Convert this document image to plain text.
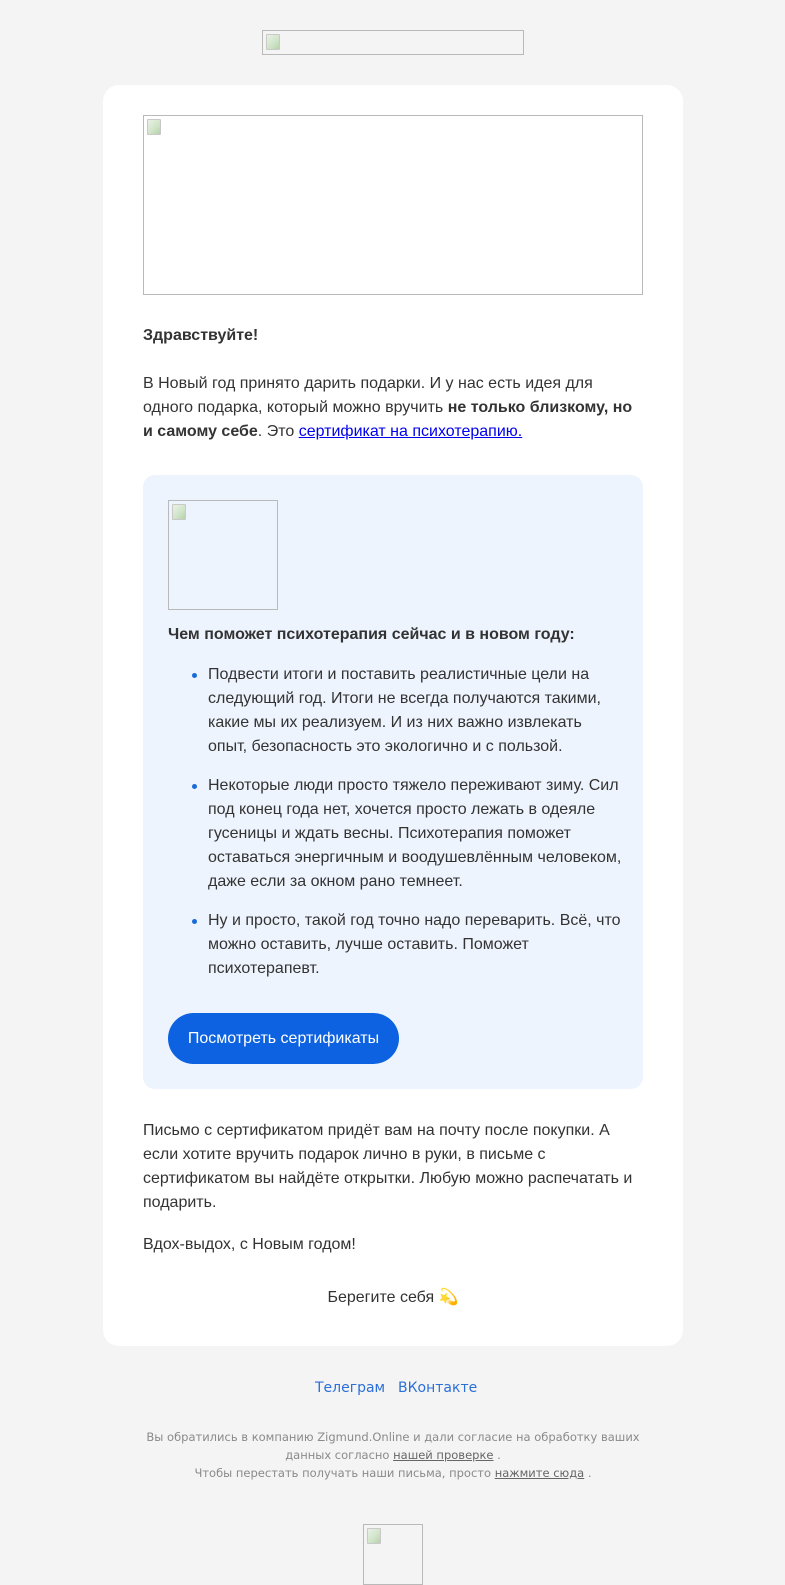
Здравствуйте!
В Новый год принято дарить подарки. И у нас есть идея для одного подарка, который можно вручить не только близкому, но и самому себе. Это сертификат на психотерапию.
Чем поможет психотерапия сейчас и в новом году:
Подвести итоги и поставить реалистичные цели на следующий год. Итоги не всегда получаются такими, какие мы их реализуем. И из них важно извлекать опыт, безопасность это экологично и с пользой.
Некоторые люди просто тяжело переживают зиму. Сил под конец года нет, хочется просто лежать в одеяле гусеницы и ждать весны. Психотерапия поможет оставаться энергичным и воодушевлённым человеком, даже если за окном рано темнеет.
Ну и просто, такой год точно надо переварить. Всё, что можно оставить, лучше оставить. Поможет психотерапевт.
Посмотреть сертификаты
Письмо с сертификатом придёт вам на почту после покупки. А если хотите вручить подарок лично в руки, в письме с сертификатом вы найдёте открытки. Любую можно распечатать и подарить.
Вдох-выдох, с Новым годом!
Берегите себя 💫
Телеграм ВКонтакте
Вы обратились в компанию Zigmund.Online и дали согласие на обработку ваших данных согласно нашей проверке .
Чтобы перестать получать наши письма, просто нажмите сюда .
